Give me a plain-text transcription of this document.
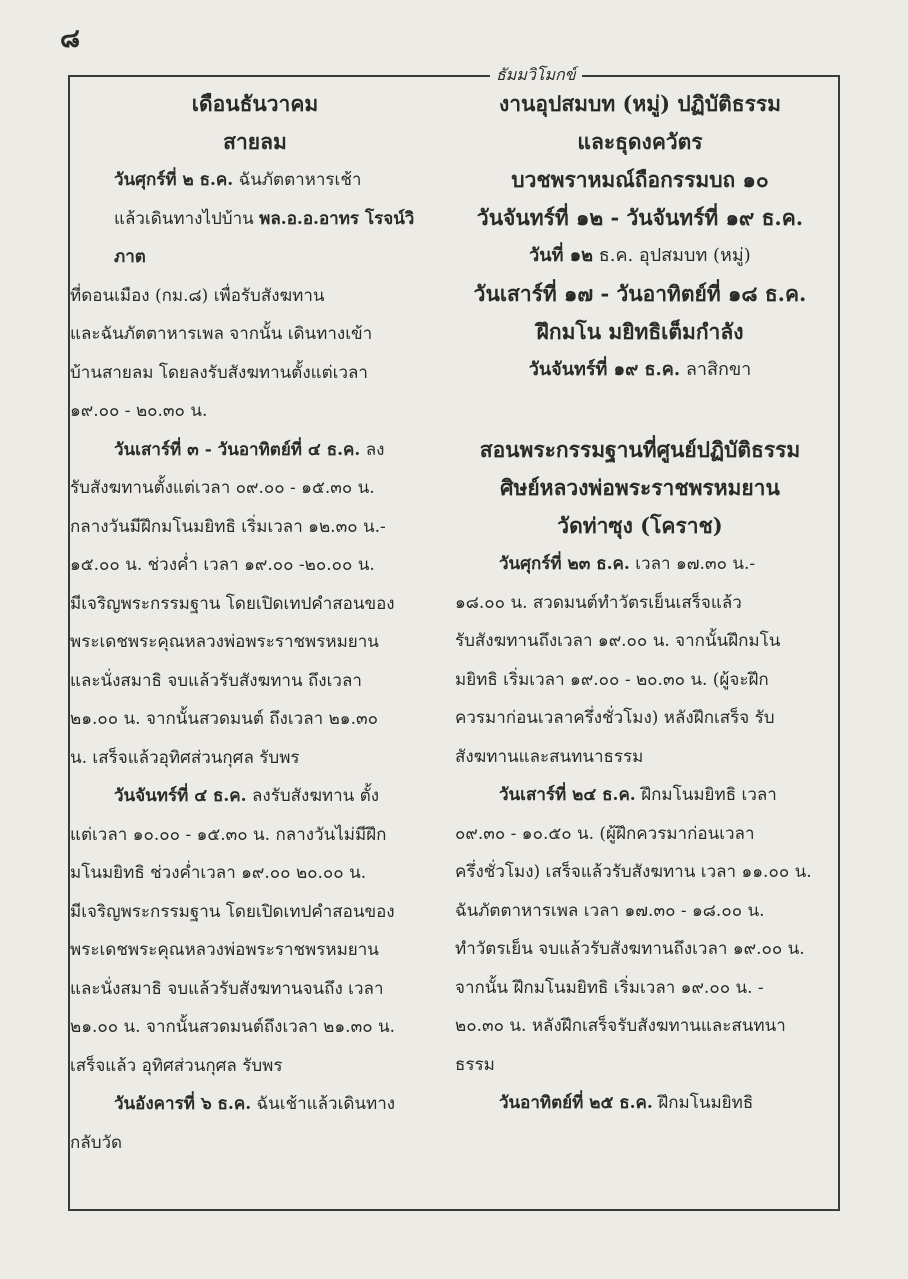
๘
ธัมมวิโมกข์
เดือนธันวาคม
สายลม

วันศุกร์ที่ ๒ ธ.ค. ฉันภัตตาหารเช้า

แล้วเดินทางไปบ้าน พล.อ.อ.อาทร โรจน์วิภาต

ที่ดอนเมือง (กม.๘) เพื่อรับสังฆทาน

และฉันภัตตาหารเพล จากนั้น เดินทางเข้า

บ้านสายลม โดยลงรับสังฆทานตั้งแต่เวลา

๑๙.๐๐ - ๒๐.๓๐ น.

วันเสาร์ที่ ๓ - วันอาทิตย์ที่ ๔ ธ.ค. ลง

รับสังฆทานตั้งแต่เวลา ๐๙.๐๐ - ๑๕.๓๐ น.

กลางวันมีฝึกมโนมยิทธิ เริ่มเวลา ๑๒.๓๐ น.-

๑๕.๐๐ น. ช่วงค่ำ เวลา ๑๙.๐๐ -๒๐.๐๐ น.

มีเจริญพระกรรมฐาน โดยเปิดเทปคำสอนของ

พระเดชพระคุณหลวงพ่อพระราชพรหมยาน

และนั่งสมาธิ จบแล้วรับสังฆทาน ถึงเวลา

๒๑.๐๐ น. จากนั้นสวดมนต์ ถึงเวลา ๒๑.๓๐

น. เสร็จแล้วอุทิศส่วนกุศล รับพร

วันจันทร์ที่ ๔ ธ.ค. ลงรับสังฆทาน ตั้ง

แต่เวลา ๑๐.๐๐ - ๑๕.๓๐ น. กลางวันไม่มีฝึก

มโนมยิทธิ ช่วงค่ำเวลา ๑๙.๐๐ ๒๐.๐๐ น.

มีเจริญพระกรรมฐาน โดยเปิดเทปคำสอนของ

พระเดชพระคุณหลวงพ่อพระราชพรหมยาน

และนั่งสมาธิ จบแล้วรับสังฆทานจนถึง เวลา

๒๑.๐๐ น. จากนั้นสวดมนต์ถึงเวลา ๒๑.๓๐ น.

เสร็จแล้ว อุทิศส่วนกุศล รับพร

วันอังคารที่ ๖ ธ.ค. ฉันเช้าแล้วเดินทาง

กลับวัด

งานอุปสมบท (หมู่) ปฏิบัติธรรม
และธุดงควัตร
บวชพราหมณ์ถือกรรมบถ ๑๐
วันจันทร์ที่ ๑๒ - วันจันทร์ที่ ๑๙ ธ.ค.
วันที่ ๑๒ ธ.ค. อุปสมบท (หมู่)
วันเสาร์ที่ ๑๗ - วันอาทิตย์ที่ ๑๘ ธ.ค.
ฝึกมโน มยิทธิเต็มกำลัง
วันจันทร์ที่ ๑๙ ธ.ค. ลาสิกขา
สอนพระกรรมฐานที่ศูนย์ปฏิบัติธรรม
ศิษย์หลวงพ่อพระราชพรหมยาน
วัดท่าซุง (โคราช)

วันศุกร์ที่ ๒๓ ธ.ค. เวลา ๑๗.๓๐ น.-

๑๘.๐๐ น. สวดมนต์ทำวัตรเย็นเสร็จแล้ว

รับสังฆทานถึงเวลา ๑๙.๐๐ น. จากนั้นฝึกมโน

มยิทธิ เริ่มเวลา ๑๙.๐๐ - ๒๐.๓๐ น. (ผู้จะฝึก

ควรมาก่อนเวลาครึ่งชั่วโมง) หลังฝึกเสร็จ รับ

สังฆทานและสนทนาธรรม

วันเสาร์ที่ ๒๔ ธ.ค. ฝึกมโนมยิทธิ เวลา

๐๙.๓๐ - ๑๐.๕๐ น. (ผู้ฝึกควรมาก่อนเวลา

ครึ่งชั่วโมง) เสร็จแล้วรับสังฆทาน เวลา ๑๑.๐๐ น.

ฉันภัตตาหารเพล เวลา ๑๗.๓๐ - ๑๘.๐๐ น.

ทำวัตรเย็น จบแล้วรับสังฆทานถึงเวลา ๑๙.๐๐ น.

จากนั้น ฝึกมโนมยิทธิ เริ่มเวลา ๑๙.๐๐ น. -

๒๐.๓๐ น. หลังฝึกเสร็จรับสังฆทานและสนทนา

ธรรม

วันอาทิตย์ที่ ๒๕ ธ.ค. ฝึกมโนมยิทธิ
